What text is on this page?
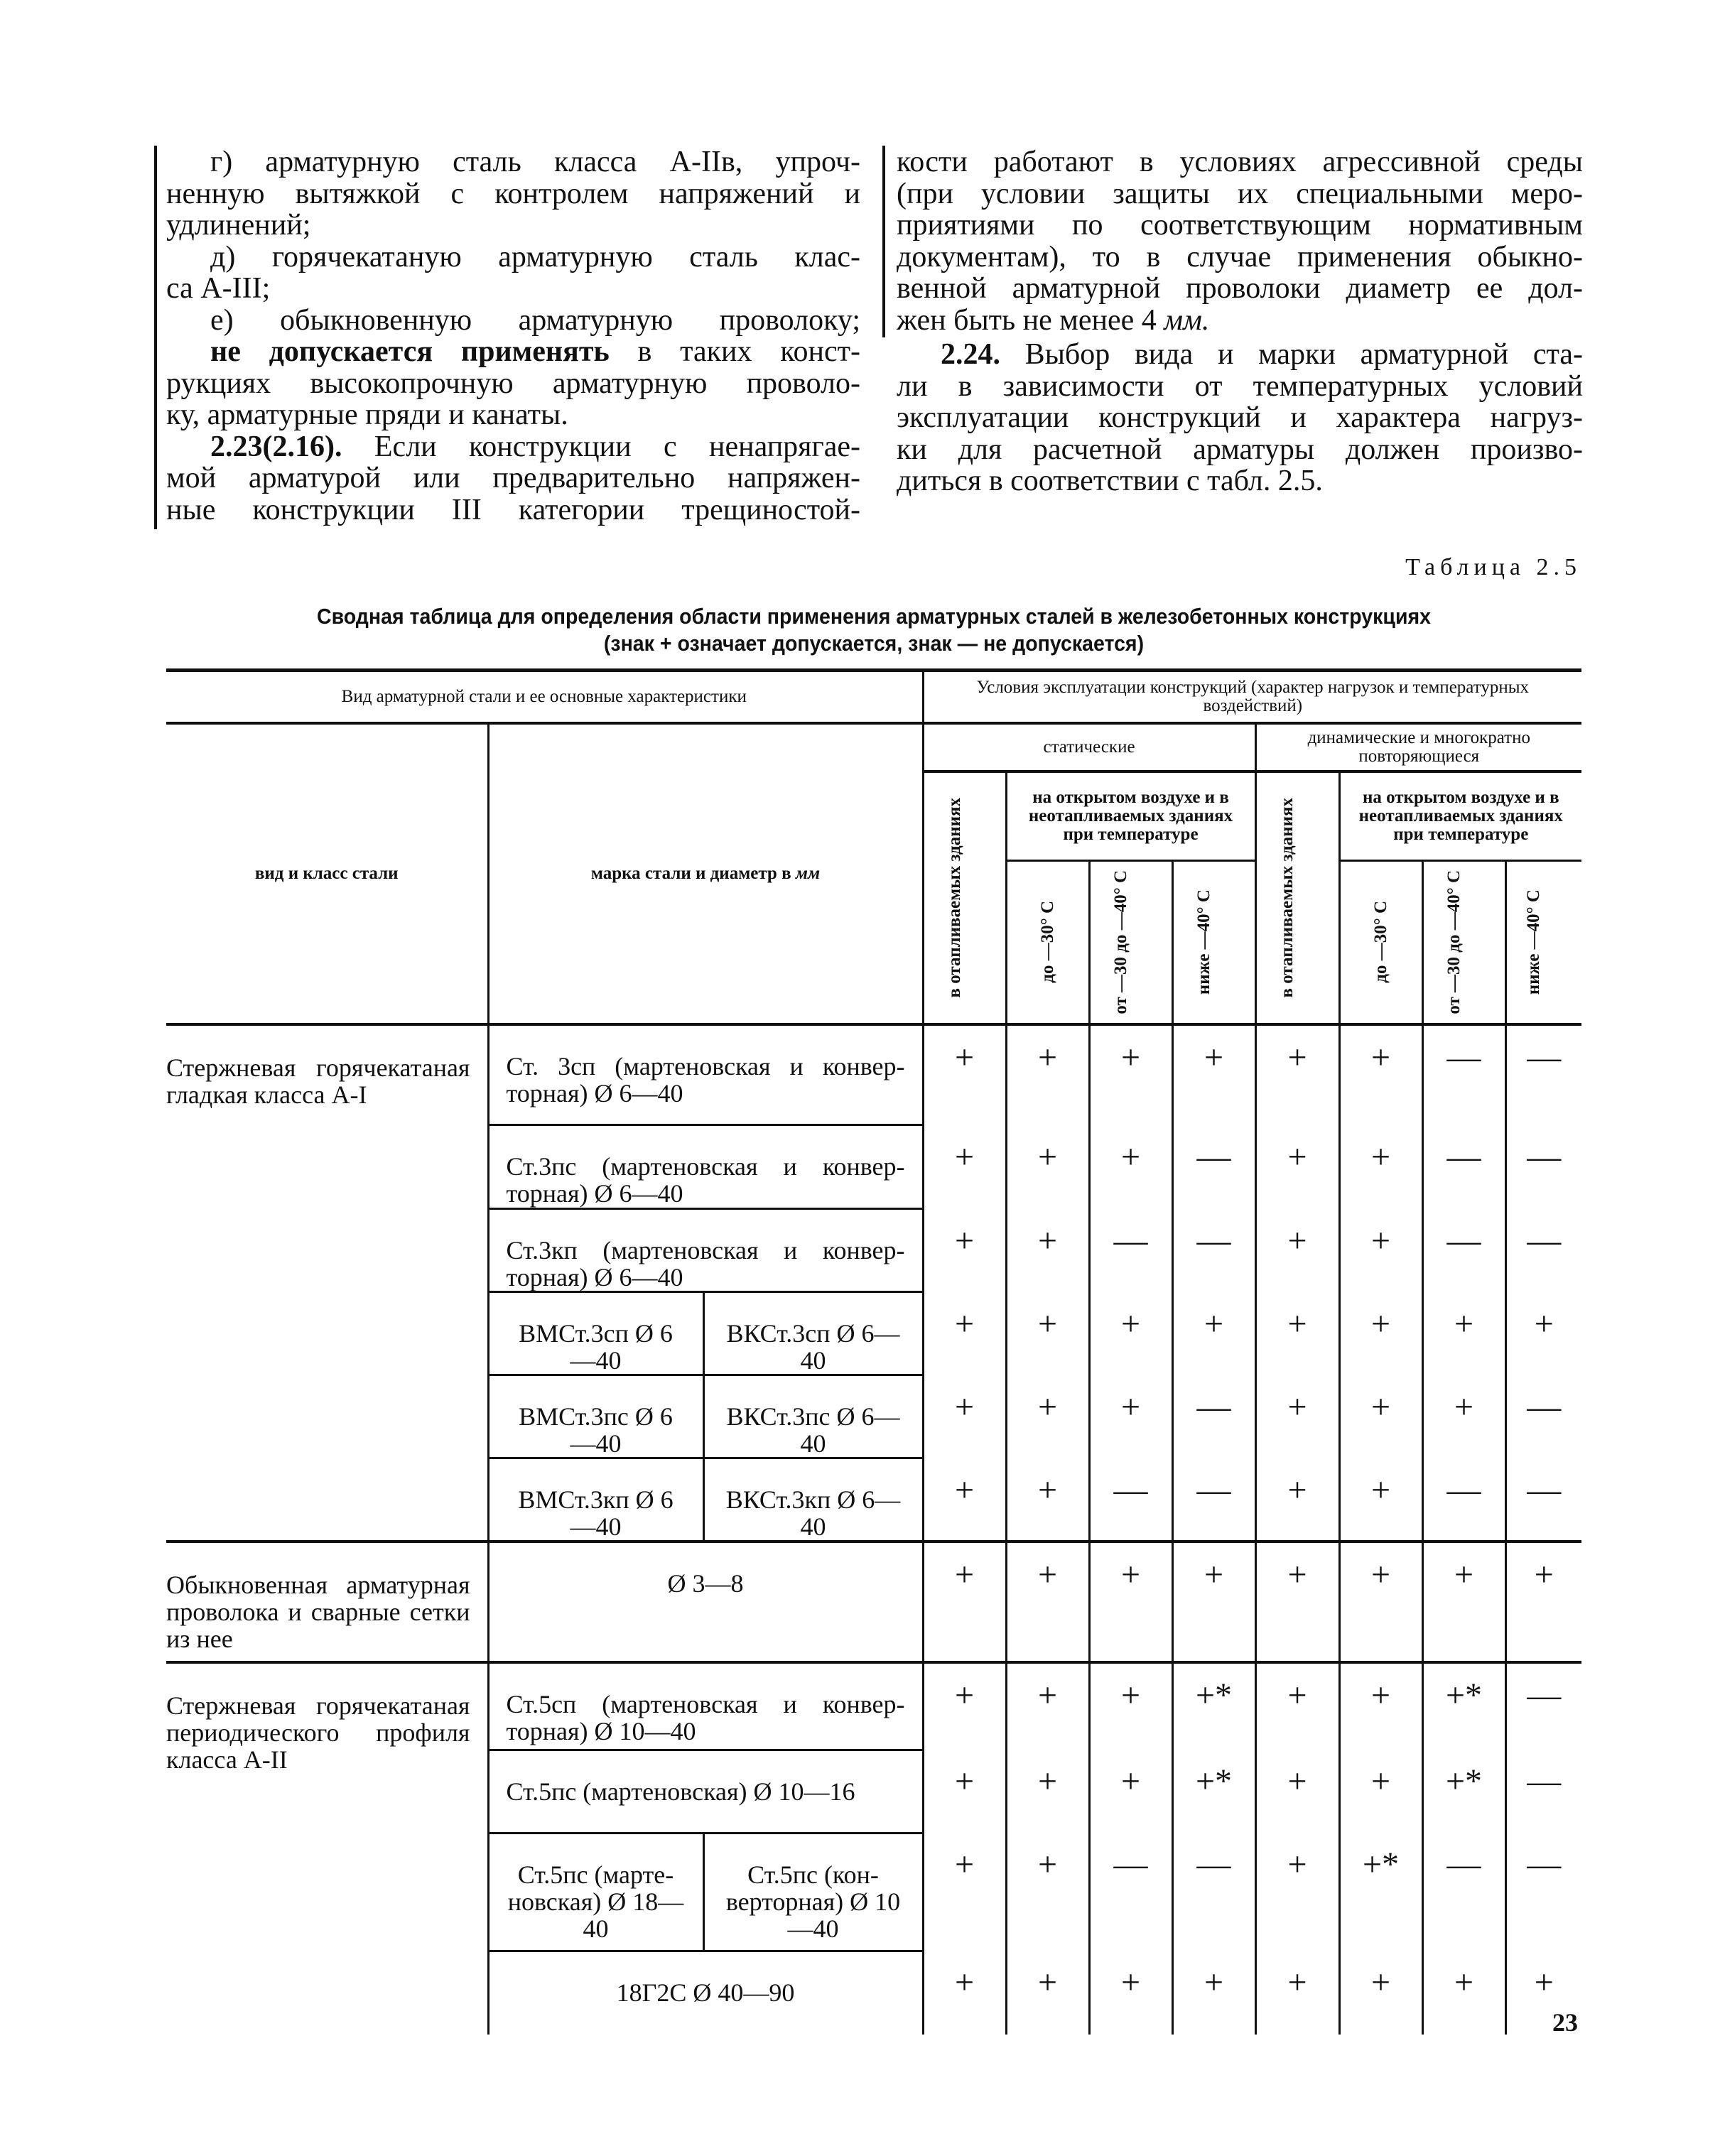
г) арматурную сталь класса А-IIв, упроч-
ненную вытяжкой с контролем напряжений и
удлинений;
д) горячекатаную арматурную сталь клас-
са А-III;
е) обыкновенную арматурную проволоку;
не допускается применять в таких конст-
рукциях высокопрочную арматурную проволо-
ку, арматурные пряди и канаты.
2.23(2.16). Если конструкции с ненапрягае-
мой арматурой или предварительно напряжен-
ные конструкции III категории трещиностой-
кости работают в условиях агрессивной среды
(при условии защиты их специальными меро-
приятиями по соответствующим нормативным
документам), то в случае применения обыкно-
венной арматурной проволоки диаметр ее дол-
жен быть не менее 4 мм.
2.24. Выбор вида и марки арматурной ста-
ли в зависимости от температурных условий
эксплуатации конструкций и характера нагруз-
ки для расчетной арматуры должен произво-
диться в соответствии с табл. 2.5.
Таблица 2.5
Сводная таблица для определения области применения арматурных сталей в железобетонных конструкциях
(знак + означает допускается, знак — не допускается)
Вид арматурной стали и ее основные характеристики			Условия эксплуатации конструкций (характер нагрузок и температурных воздействий)							
вид и класс стали	марка стали и диаметр в мм		статические				динамические и многократно повторяющиеся			

			в отапливаемых зданиях	на открытом воздухе и в неотапливаемых зданиях при температуре			в отапливаемых зданиях	на открытом воздухе и в неотапливаемых зданиях при температуре		

				до —30° С	от —30 до —40° С	ниже —40° С		до —30° С	от —30 до —40° С	ниже —40° С

Стержневая горячекатаная гладкая класса А-I	Ст. 3сп (мартеновская и конвер-торная) Ø 6—40		+	+	+	+	+	+	—	—
	Ст.3пс (мартеновская и конвер-торная) Ø 6—40		+	+	+	—	+	+	—	—
	Ст.3кп (мартеновская и конвер-торная) Ø 6—40		+	+	—	—	+	+	—	—
	ВМСт.3сп Ø 6—40	ВКСт.3сп Ø 6—40	+	+	+	+	+	+	+	+
	ВМСт.3пс Ø 6—40	ВКСт.3пс Ø 6—40	+	+	+	—	+	+	+	—
	ВМСт.3кп Ø 6—40	ВКСт.3кп Ø 6—40	+	+	—	—	+	+	—	—
Обыкновенная арматурная проволока и сварные сетки из нее	Ø 3—8		+	+	+	+	+	+	+	+
Стержневая горячекатаная периодического профиля класса А-II	Ст.5сп (мартеновская и конвер-торная) Ø 10—40		+	+	+	+*	+	+	+*	—
	Ст.5пс (мартеновская) Ø 10—16		+	+	+	+*	+	+	+*	—
	Ст.5пс (марте-новская) Ø 18—40	Ст.5пс (кон-верторная) Ø 10—40	+	+	—	—	+	+*	—	—
	18Г2С Ø 40—90		+	+	+	+	+	+	+	+
23
